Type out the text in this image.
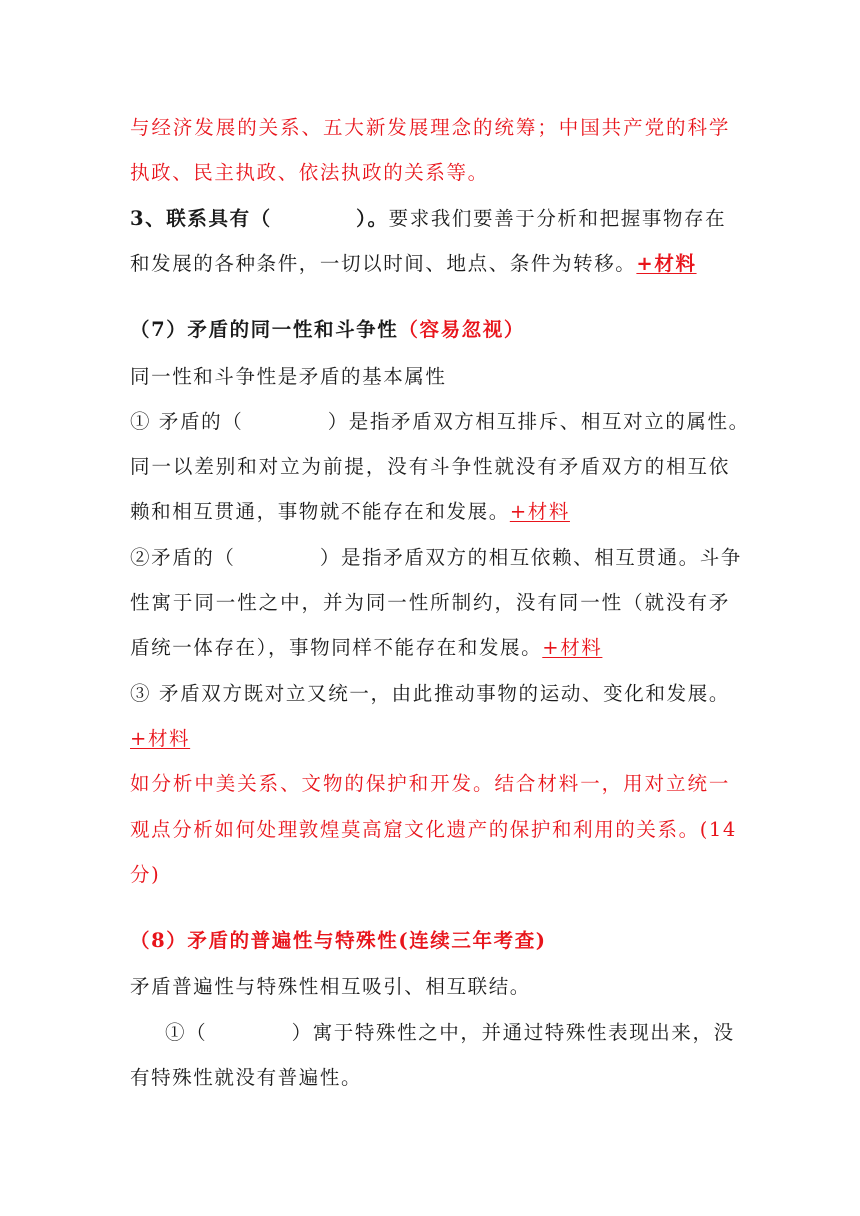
与经济发展的关系、五大新发展理念的统筹；中国共产党的科学
执政、民主执政、依法执政的关系等。
3、联系具有（　　　　）。要求我们要善于分析和把握事物存在
和发展的各种条件，一切以时间、地点、条件为转移。+材料
（7）矛盾的同一性和斗争性（容易忽视）
同一性和斗争性是矛盾的基本属性
① 矛盾的（　　　　）是指矛盾双方相互排斥、相互对立的属性。
同一以差别和对立为前提，没有斗争性就没有矛盾双方的相互依
赖和相互贯通，事物就不能存在和发展。+材料
②矛盾的（　　　　）是指矛盾双方的相互依赖、相互贯通。斗争
性寓于同一性之中，并为同一性所制约，没有同一性（就没有矛
盾统一体存在），事物同样不能存在和发展。+材料
③ 矛盾双方既对立又统一，由此推动事物的运动、变化和发展。
+材料
如分析中美关系、文物的保护和开发。结合材料一，用对立统一
观点分析如何处理敦煌莫高窟文化遗产的保护和利用的关系。(14
分)
（8）矛盾的普遍性与特殊性(连续三年考查)
矛盾普遍性与特殊性相互吸引、相互联结。
①（　　　　）寓于特殊性之中，并通过特殊性表现出来，没
有特殊性就没有普遍性。
